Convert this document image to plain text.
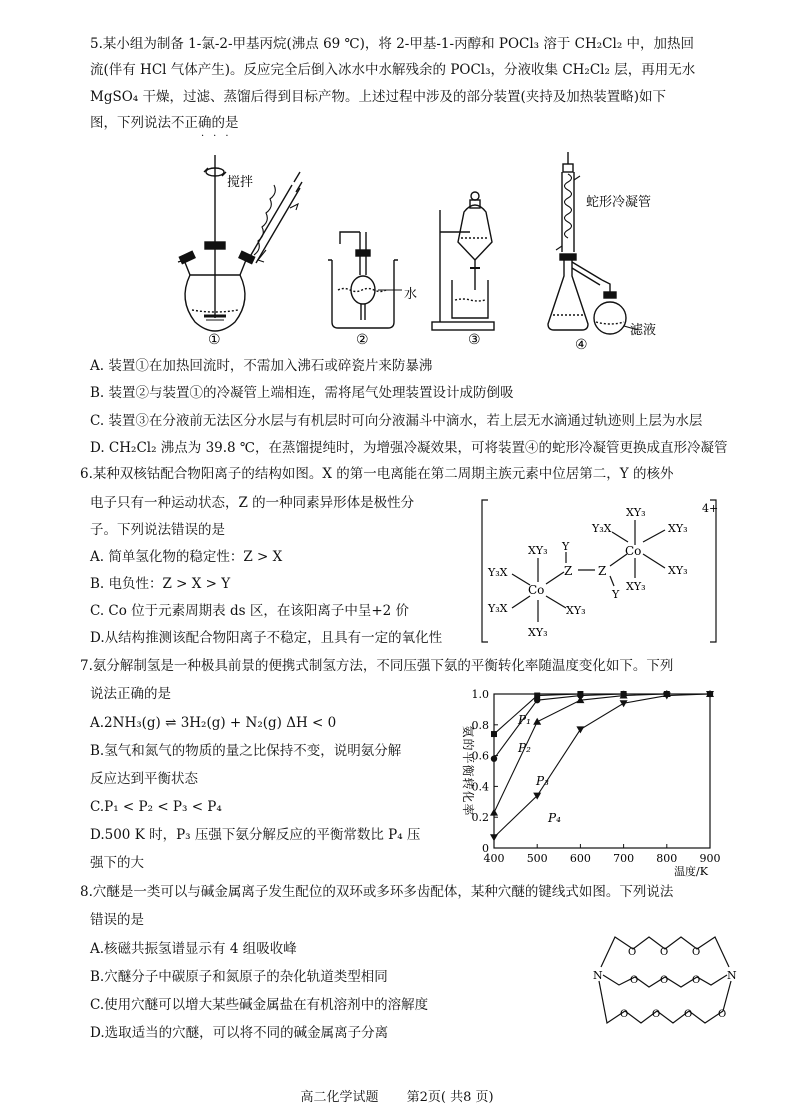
5.某小组为制备 1-氯-2-甲基丙烷(沸点 69 ℃)，将 2-甲基-1-丙醇和 POCl₃ 溶于 CH₂Cl₂ 中，加热回
流(伴有 HCl 气体产生)。反应完全后倒入冰水中水解残余的 POCl₃，分液收集 CH₂Cl₂ 层，再用无水
MgSO₄ 干燥，过滤、蒸馏后得到目标产物。上述过程中涉及的部分装置(夹持及加热装置略)如下
图，下列说法不正确的是
···
搅拌
①
水
②	③
蛇形冷凝管
滤液
④
A. 装置①在加热回流时，不需加入沸石或碎瓷片来防暴沸
B. 装置②与装置①的冷凝管上端相连，需将尾气处理装置设计成防倒吸
C. 装置③在分液前无法区分水层与有机层时可向分液漏斗中滴水，若上层无水滴通过轨迹则上层为水层
D. CH₂Cl₂ 沸点为 39.8 ℃，在蒸馏提纯时，为增强冷凝效果，可将装置④的蛇形冷凝管更换成直形冷凝管
6.某种双核钴配合物阳离子的结构如图。X 的第一电离能在第二周期主族元素中位居第二，Y 的核外
电子只有一种运动状态，Z 的一种同素异形体是极性分
子。下列说法错误的是
A. 简单氢化物的稳定性：Z > X
B. 电负性：Z > X > Y
C. Co 位于元素周期表 ds 区，在该阳离子中呈+2 价
D.从结构推测该配合物阳离子不稳定，且具有一定的氧化性
4+
Co
Co
XY₃
Y₃X	XY₃
XY₃
XY₃
Z Z
Y
Y
XY₃
Y₃X
Y₃X	XY₃
XY₃
7.氨分解制氢是一种极具前景的便携式制氢方法，不同压强下氨的平衡转化率随温度变化如下。下列
说法正确的是
A.2NH₃(g) ⇌ 3H₂(g) + N₂(g) ΔH < 0
B.氢气和氮气的物质的量之比保持不变，说明氨分解
反应达到平衡状态
C.P₁ < P₂ < P₃ < P₄
D.500 K 时，P₃ 压强下氨分解反应的平衡常数比 P₄ 压
强下的大	400 500 600 700 800 900
0
0.2
0.4
0.6
0.8
1.0
温度/K
氨的平衡转化率
P₁
P₂
P₃
P₄
8.穴醚是一类可以与碱金属离子发生配位的双环或多环多齿配体，某种穴醚的键线式如图。下列说法
错误的是
A.核磁共振氢谱显示有 4 组吸收峰
B.穴醚分子中碳原子和氮原子的杂化轨道类型相同
C.使用穴醚可以增大某些碱金属盐在有机溶剂中的溶解度
D.选取适当的穴醚，可以将不同的碱金属离子分离
N	N
O O O
O O O
O O O	O
高二化学试题 第2页( 共8 页)
